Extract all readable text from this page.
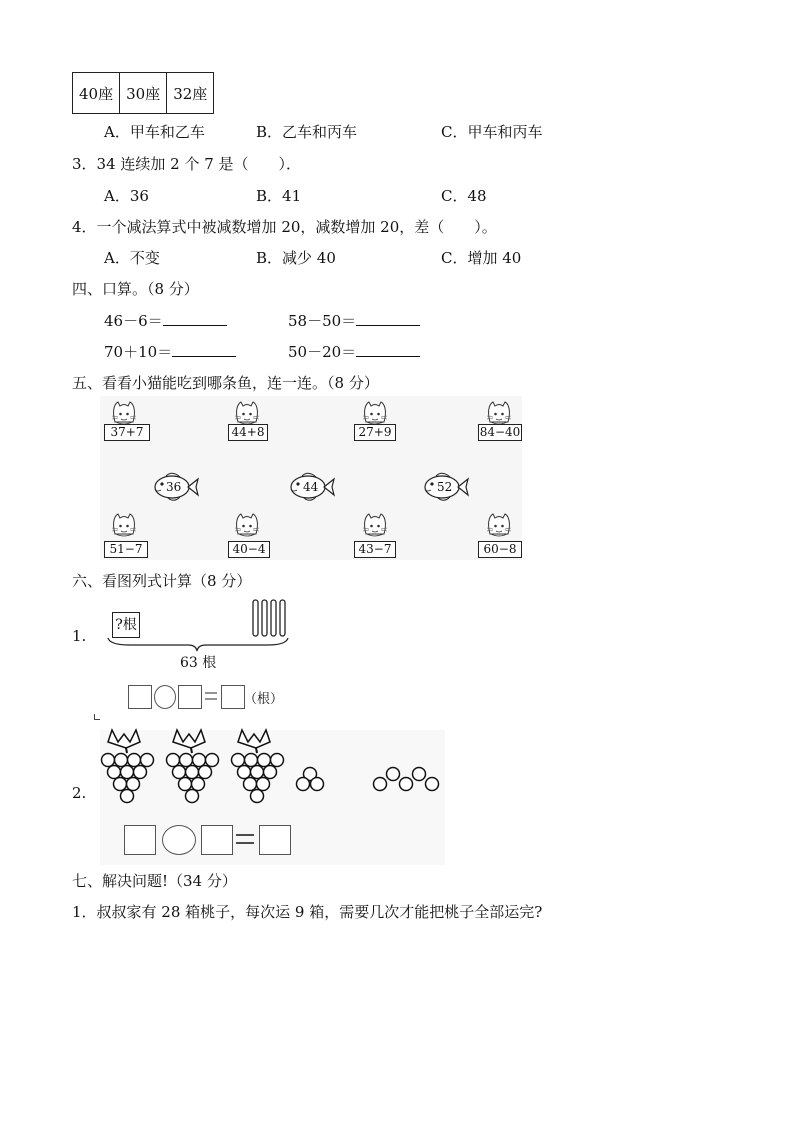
40座	30座	32座
A．甲车和乙车	B．乙车和丙车	C．甲车和丙车
3．34 连续加 2 个 7 是（　　）．
A．36	B．41	C．48
4．一个减法算式中被减数增加 20，减数增加 20，差（　　）。
A．不变	B．减少 40	C．增加 40
四、口算。（8 分）
46－6＝	58－50＝
70＋10＝	50－20＝
五、看看小猫能吃到哪条鱼，连一连。（8 分）
37+7	44+8	27+9	84−40
36	44	52
51−7	40−4	43−7	60−8
六、看图列式计算（8 分）
1.
?根
63 根
（根）
2.
七、解决问题!（34 分）
1．叔叔家有 28 箱桃子，每次运 9 箱，需要几次才能把桃子全部运完?
